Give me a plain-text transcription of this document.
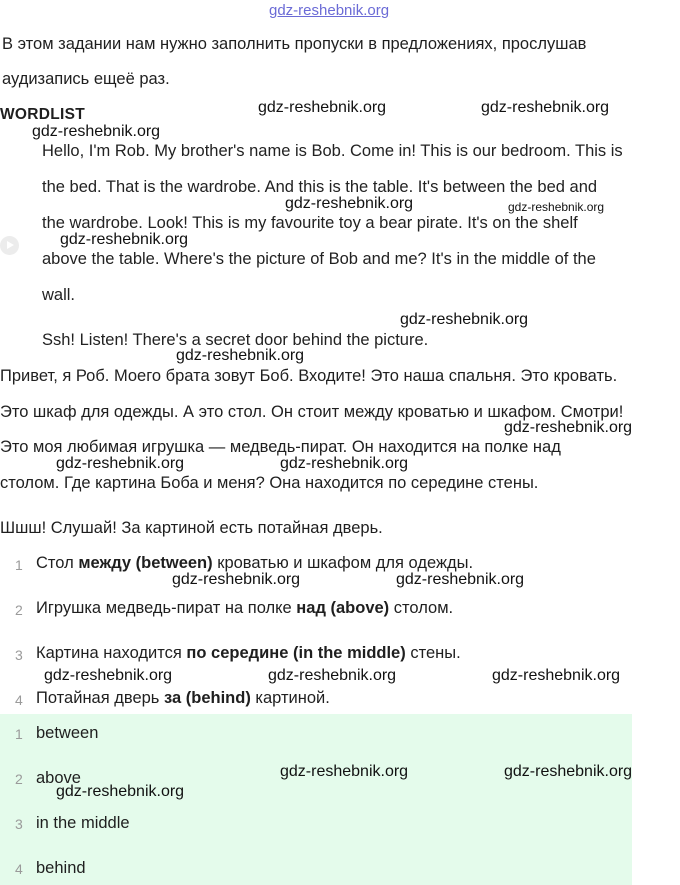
gdz-reshebnik.org
В этом задании нам нужно заполнить пропуски в предложениях, прослушав
аудизапись ещеё раз.
WORDLIST
Hello, I'm Rob. My brother's name is Bob. Come in! This is our bedroom. This is
the bed. That is the wardrobe. And this is the table. It's between the bed and
the wardrobe. Look! This is my favourite toy a bear pirate. It's on the shelf
above the table. Where's the picture of Bob and me? It's in the middle of the
wall.
Ssh! Listen! There's a secret door behind the picture.
Привет, я Роб. Моего брата зовут Боб. Входите! Это наша спальня. Это кровать.
Это шкаф для одежды. А это стол. Он стоит между кроватью и шкафом. Смотри!
Это моя любимая игрушка — медведь-пират. Он находится на полке над
столом. Где картина Боба и меня? Она находится по середине стены.
Шшш! Слушай! За картиной есть потайная дверь.
1 Стол между (between) кроватью и шкафом для одежды.
2 Игрушка медведь-пират на полке над (above) столом.
3 Картина находится по середине (in the middle) стены.
4 Потайная дверь за (behind) картиной.
1 between
2 above
3 in the middle
4 behind
gdz-reshebnik.org	gdz-reshebnik.org
gdz-reshebnik.org
gdz-reshebnik.org	gdz-reshebnik.org
gdz-reshebnik.org
gdz-reshebnik.org
gdz-reshebnik.org
gdz-reshebnik.org
gdz-reshebnik.org	gdz-reshebnik.org
gdz-reshebnik.org	gdz-reshebnik.org
gdz-reshebnik.org	gdz-reshebnik.org	gdz-reshebnik.org
gdz-reshebnik.org	gdz-reshebnik.org
gdz-reshebnik.org
